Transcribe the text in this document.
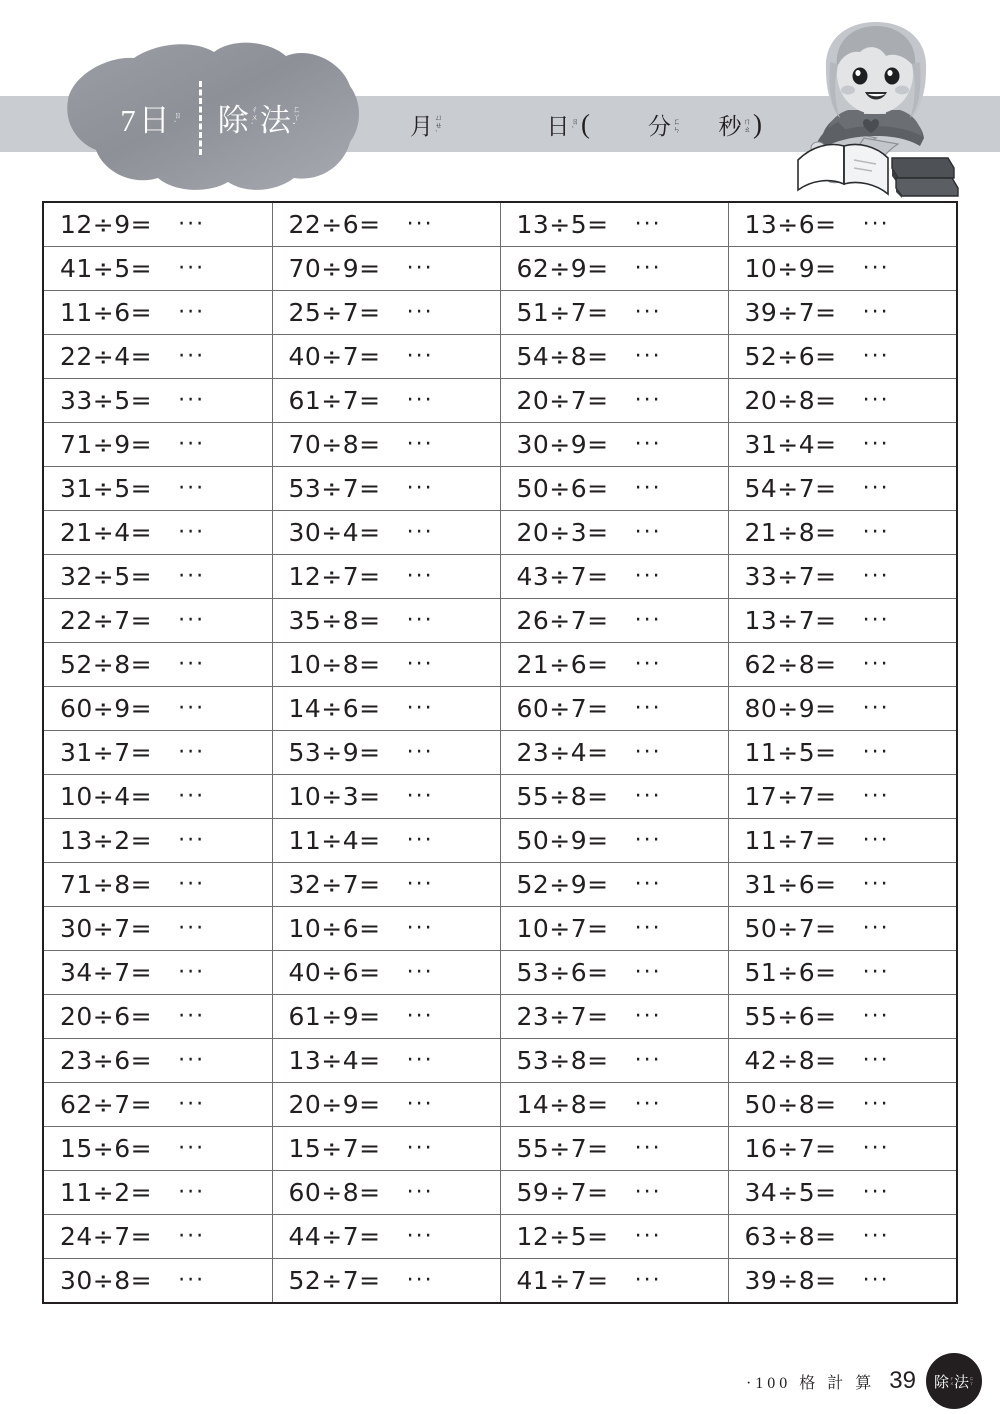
7日 ㄖ
ˋ 除 ㄔ
ㄨ
ˊ 法 ㄈ
ㄚ
ˇ	月 ㄩ
ㄝ
ˋ	日 ㄖ
ˋ (	分 ㄈ
ㄣ 秒 ㄇ
ㄠ )
12÷9= ···	22÷6= ···	13÷5= ···	13÷6= ···

41÷5= ···	70÷9= ···	62÷9= ···	10÷9= ···

11÷6= ···	25÷7= ···	51÷7= ···	39÷7= ···

22÷4= ···	40÷7= ···	54÷8= ···	52÷6= ···

33÷5= ···	61÷7= ···	20÷7= ···	20÷8= ···

71÷9= ···	70÷8= ···	30÷9= ···	31÷4= ···

31÷5= ···	53÷7= ···	50÷6= ···	54÷7= ···

21÷4= ···	30÷4= ···	20÷3= ···	21÷8= ···

32÷5= ···	12÷7= ···	43÷7= ···	33÷7= ···

22÷7= ···	35÷8= ···	26÷7= ···	13÷7= ···

52÷8= ···	10÷8= ···	21÷6= ···	62÷8= ···

60÷9= ···	14÷6= ···	60÷7= ···	80÷9= ···

31÷7= ···	53÷9= ···	23÷4= ···	11÷5= ···

10÷4= ···	10÷3= ···	55÷8= ···	17÷7= ···

13÷2= ···	11÷4= ···	50÷9= ···	11÷7= ···

71÷8= ···	32÷7= ···	52÷9= ···	31÷6= ···

30÷7= ···	10÷6= ···	10÷7= ···	50÷7= ···

34÷7= ···	40÷6= ···	53÷6= ···	51÷6= ···

20÷6= ···	61÷9= ···	23÷7= ···	55÷6= ···

23÷6= ···	13÷4= ···	53÷8= ···	42÷8= ···

62÷7= ···	20÷9= ···	14÷8= ···	50÷8= ···

15÷6= ···	15÷7= ···	55÷7= ···	16÷7= ···

11÷2= ···	60÷8= ···	59÷7= ···	34÷5= ···

24÷7= ···	44÷7= ···	12÷5= ···	63÷8= ···

30÷8= ···	52÷7= ···	41÷7= ···	39÷8= ···
·100 格 計 算 39 除 ㄔ
ㄨ 法 ㄈ
ㄚ
